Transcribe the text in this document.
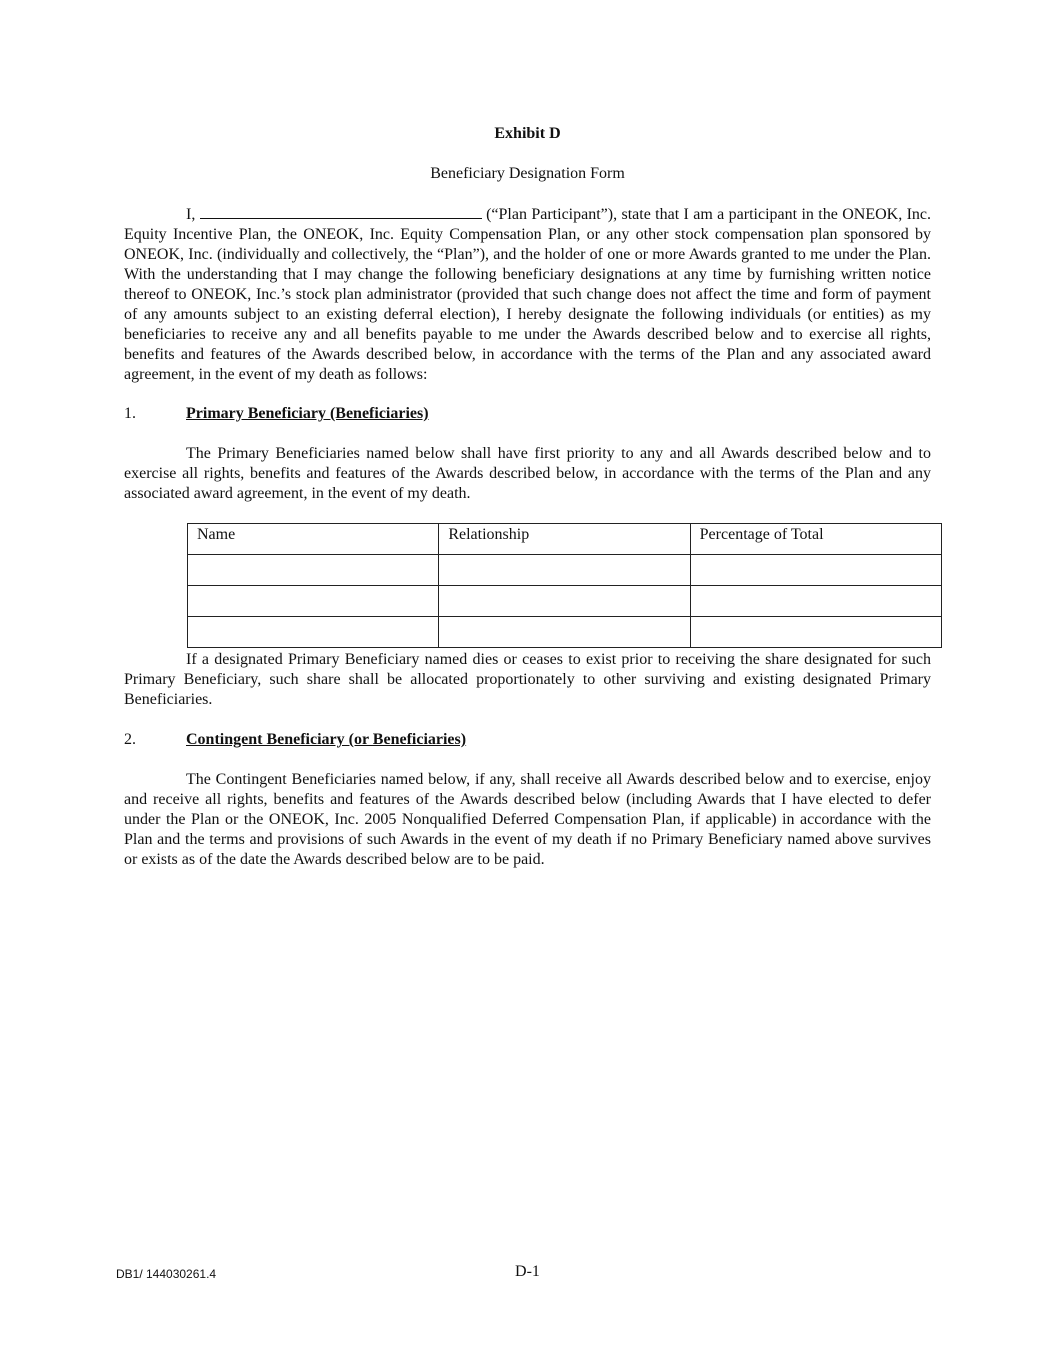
Exhibit D
Beneficiary Designation Form
I,	(“Plan Participant”), state that I am a participant in the ONEOK, Inc. Equity Incentive Plan, the ONEOK, Inc. Equity Compensation Plan, or any other stock compensation plan sponsored by ONEOK, Inc. (individually and collectively, the “Plan”), and the holder of one or more Awards granted to me under the Plan. With the understanding that I may change the following beneficiary designations at any time by furnishing written notice thereof to ONEOK, Inc.’s stock plan administrator (provided that such change does not affect the time and form of payment of any amounts subject to an existing deferral election), I hereby designate the following individuals (or entities) as my beneficiaries to receive any and all benefits payable to me under the Awards described below and to exercise all rights, benefits and features of the Awards described below, in accordance with the terms of the Plan and any associated award agreement, in the event of my death as follows:
1.	Primary Beneficiary (Beneficiaries)
The Primary Beneficiaries named below shall have first priority to any and all Awards described below and to exercise all rights, benefits and features of the Awards described below, in accordance with the terms of the Plan and any associated award agreement, in the event of my death.
Name	Relationship	Percentage of Total

If a designated Primary Beneficiary named dies or ceases to exist prior to receiving the share designated for such Primary Beneficiary, such share shall be allocated proportionately to other surviving and existing designated Primary Beneficiaries.
2.	Contingent Beneficiary (or Beneficiaries)
The Contingent Beneficiaries named below, if any, shall receive all Awards described below and to exercise, enjoy and receive all rights, benefits and features of the Awards described below (including Awards that I have elected to defer under the Plan or the ONEOK, Inc. 2005 Nonqualified Deferred Compensation Plan, if applicable) in accordance with the Plan and the terms and provisions of such Awards in the event of my death if no Primary Beneficiary named above survives or exists as of the date the Awards described below are to be paid.
DB1/ 144030261.4	D-1
